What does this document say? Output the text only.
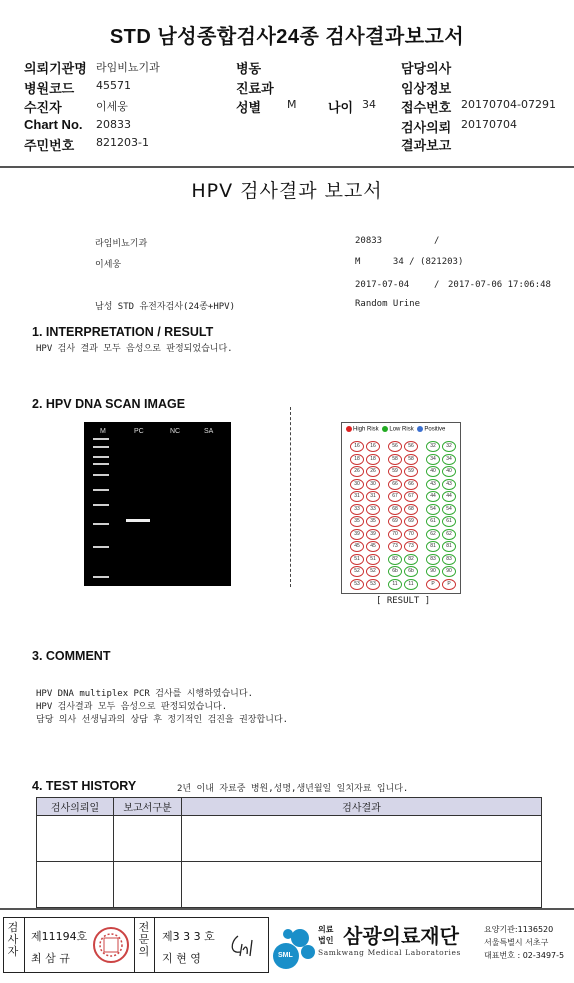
STD 남성종합검사24종 검사결과보고서
의뢰기관명 라임비뇨기과	병동	담당의사
병원코드 45571	진료과	임상정보
수진자	이세웅	성별 M 나이 34 접수번호 20170704-07291
Chart No. 20833	검사의뢰 20170704
주민번호 821203-1	결과보고
HPV 검사결과 보고서
라임비뇨기과	20833	/
이세웅	M      34 / (821203)
2017-07-04	/ 2017-07-06 17:06:48
남성 STD 유전자검사(24종+HPV)	Random Urine
1. INTERPRETATION / RESULT
HPV 검사 결과 모두 음성으로 판정되었습니다.
2. HPV DNA SCAN IMAGE
M	PC	NC	SA	High Risk Low Risk Positive
16	16	56	56	32	32
18	18	58	58	34	34
26	26	59	59	40	40
30	30	66	66	43	43
31	31	67	67	44	44
33	33	68	68	54	54
35	35	69	69	61	61
39	39	70	70	62	62
45	45	73	73	81	81
51	51	82	82	83	83
52	52	6b	6b	90	90
53	53	11	11	P	P
[ RESULT ]
3. COMMENT
HPV DNA multiplex PCR 검사를 시행하였습니다.
HPV 검사결과 모두 음성으로 판정되었습니다.
담당 의사 선생님과의 상담 후 정기적인 검진을 권장합니다.
4. TEST HISTORY	2년 이내 자료중 병원,성명,생년월일 일치자료 입니다.
검사의뢰일	보고서구분	검사결과

검사자
제11194호
최 삼 규
전문의
제3 3 3 호
지 현 영	SML
의료법인 삼광의료재단
Samkwang Medical Laboratories
요양기관:1136520
서울특별시 서초구
대표번호 : 02-3497-5
